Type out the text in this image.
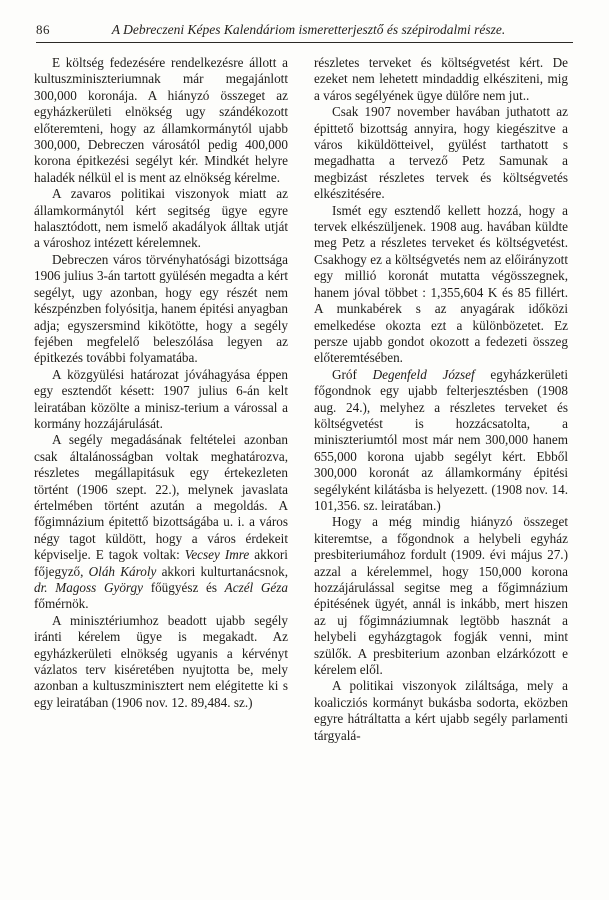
86	A Debreczeni Képes Kalendáriom ismeretterjesztő és szépirodalmi része.

E költség fedezésére rendelkezésre állott a kultuszminiszteriumnak már megajánlott 300,000 koronája. A hiányzó összeget az egyházkerületi elnökség ugy szándékozott előteremteni, hogy az államkormánytól ujabb 300,000, Debreczen városától pedig 400,000 korona épitkezési segélyt kér. Mindkét helyre haladék nélkül el is ment az elnökség kérelme.

A zavaros politikai viszonyok miatt az államkormánytól kért segitség ügye egyre halasztódott, nem ismelő akadályok álltak utját a városhoz intézett kérelemnek.

Debreczen város törvényhatósági bizottsága 1906 julius 3-án tartott gyülésén megadta a kért segélyt, ugy azonban, hogy egy részét nem készpénzben folyósitja, hanem épitési anyagban adja; egyszersmind kikötötte, hogy a segély fejében megfelelő beleszólása legyen az épitkezés további folyamatába.

A közgyülési határozat jóváhagyása éppen egy esztendőt késett: 1907 julius 6-án kelt leiratában közölte a minisz-terium a várossal a kormány hozzájárulását.

A segély megadásának feltételei azonban csak általánosságban voltak meghatározva, részletes megállapitásuk egy értekezleten történt (1906 szept. 22.), melynek javaslata értelmében történt azután a megoldás. A főgimnázium épitettő bizottságába u. i. a város négy tagot küldött, hogy a város érdekeit képviselje. E tagok voltak: Vecsey Imre akkori főjegyző, Oláh Károly akkori kulturtanácsnok, dr. Magoss György főügyész és Aczél Géza főmérnök.

A minisztériumhoz beadott ujabb segély iránti kérelem ügye is megakadt. Az egyházkerületi elnökség ugyanis a kérvényt vázlatos terv kiséretében nyujtotta be, mely azonban a kultuszminisztert nem elégitette ki s egy leiratában (1906 nov. 12. 89,484. sz.)

részletes terveket és költségvetést kért. De ezeket nem lehetett mindaddig elkésziteni, mig a város segélyének ügye dülőre nem jut..

Csak 1907 november havában juthatott az épittető bizottság annyira, hogy kiegészitve a város kiküldötteivel, gyülést tarthatott s megadhatta a tervező Petz Samunak a megbizást részletes tervek és költségvetés elkészitésére.

Ismét egy esztendő kellett hozzá, hogy a tervek elkészüljenek. 1908 aug. havában küldte meg Petz a részletes terveket és költségvetést. Csakhogy ez a költségvetés nem az előirányzott egy millió koronát mutatta végösszegnek, hanem jóval többet : 1,355,604 K és 85 fillért. A munkabérek s az anyagárak időközi emelkedése okozta ezt a különbözetet. Ez persze ujabb gondot okozott a fedezeti összeg előteremtésében.

Gróf Degenfeld József egyházkerületi főgondnok egy ujabb felterjesztésben (1908 aug. 24.), melyhez a részletes terveket és költségvetést is hozzácsatolta, a miniszteriumtól most már nem 300,000 hanem 655,000 korona ujabb segélyt kért. Ebből 300,000 koronát az államkormány épitési segélyként kilátásba is helyezett. (1908 nov. 14. 101,356. sz. leiratában.)

Hogy a még mindig hiányzó összeget kiteremtse, a főgondnok a helybeli egyház presbiteriumához fordult (1909. évi május 27.) azzal a kérelemmel, hogy 150,000 korona hozzájárulással segitse meg a főgimnázium épitésének ügyét, annál is inkább, mert hiszen az uj főgimnáziumnak legtöbb hasznát a helybeli egyházgtagok fogják venni, mint szülők. A presbiterium azonban elzárkózott e kérelem elől.

A politikai viszonyok ziláltsága, mely a koalicziós kormányt bukásba sodorta, eközben egyre hátráltatta a kért ujabb segély parlamenti tárgyalá-
